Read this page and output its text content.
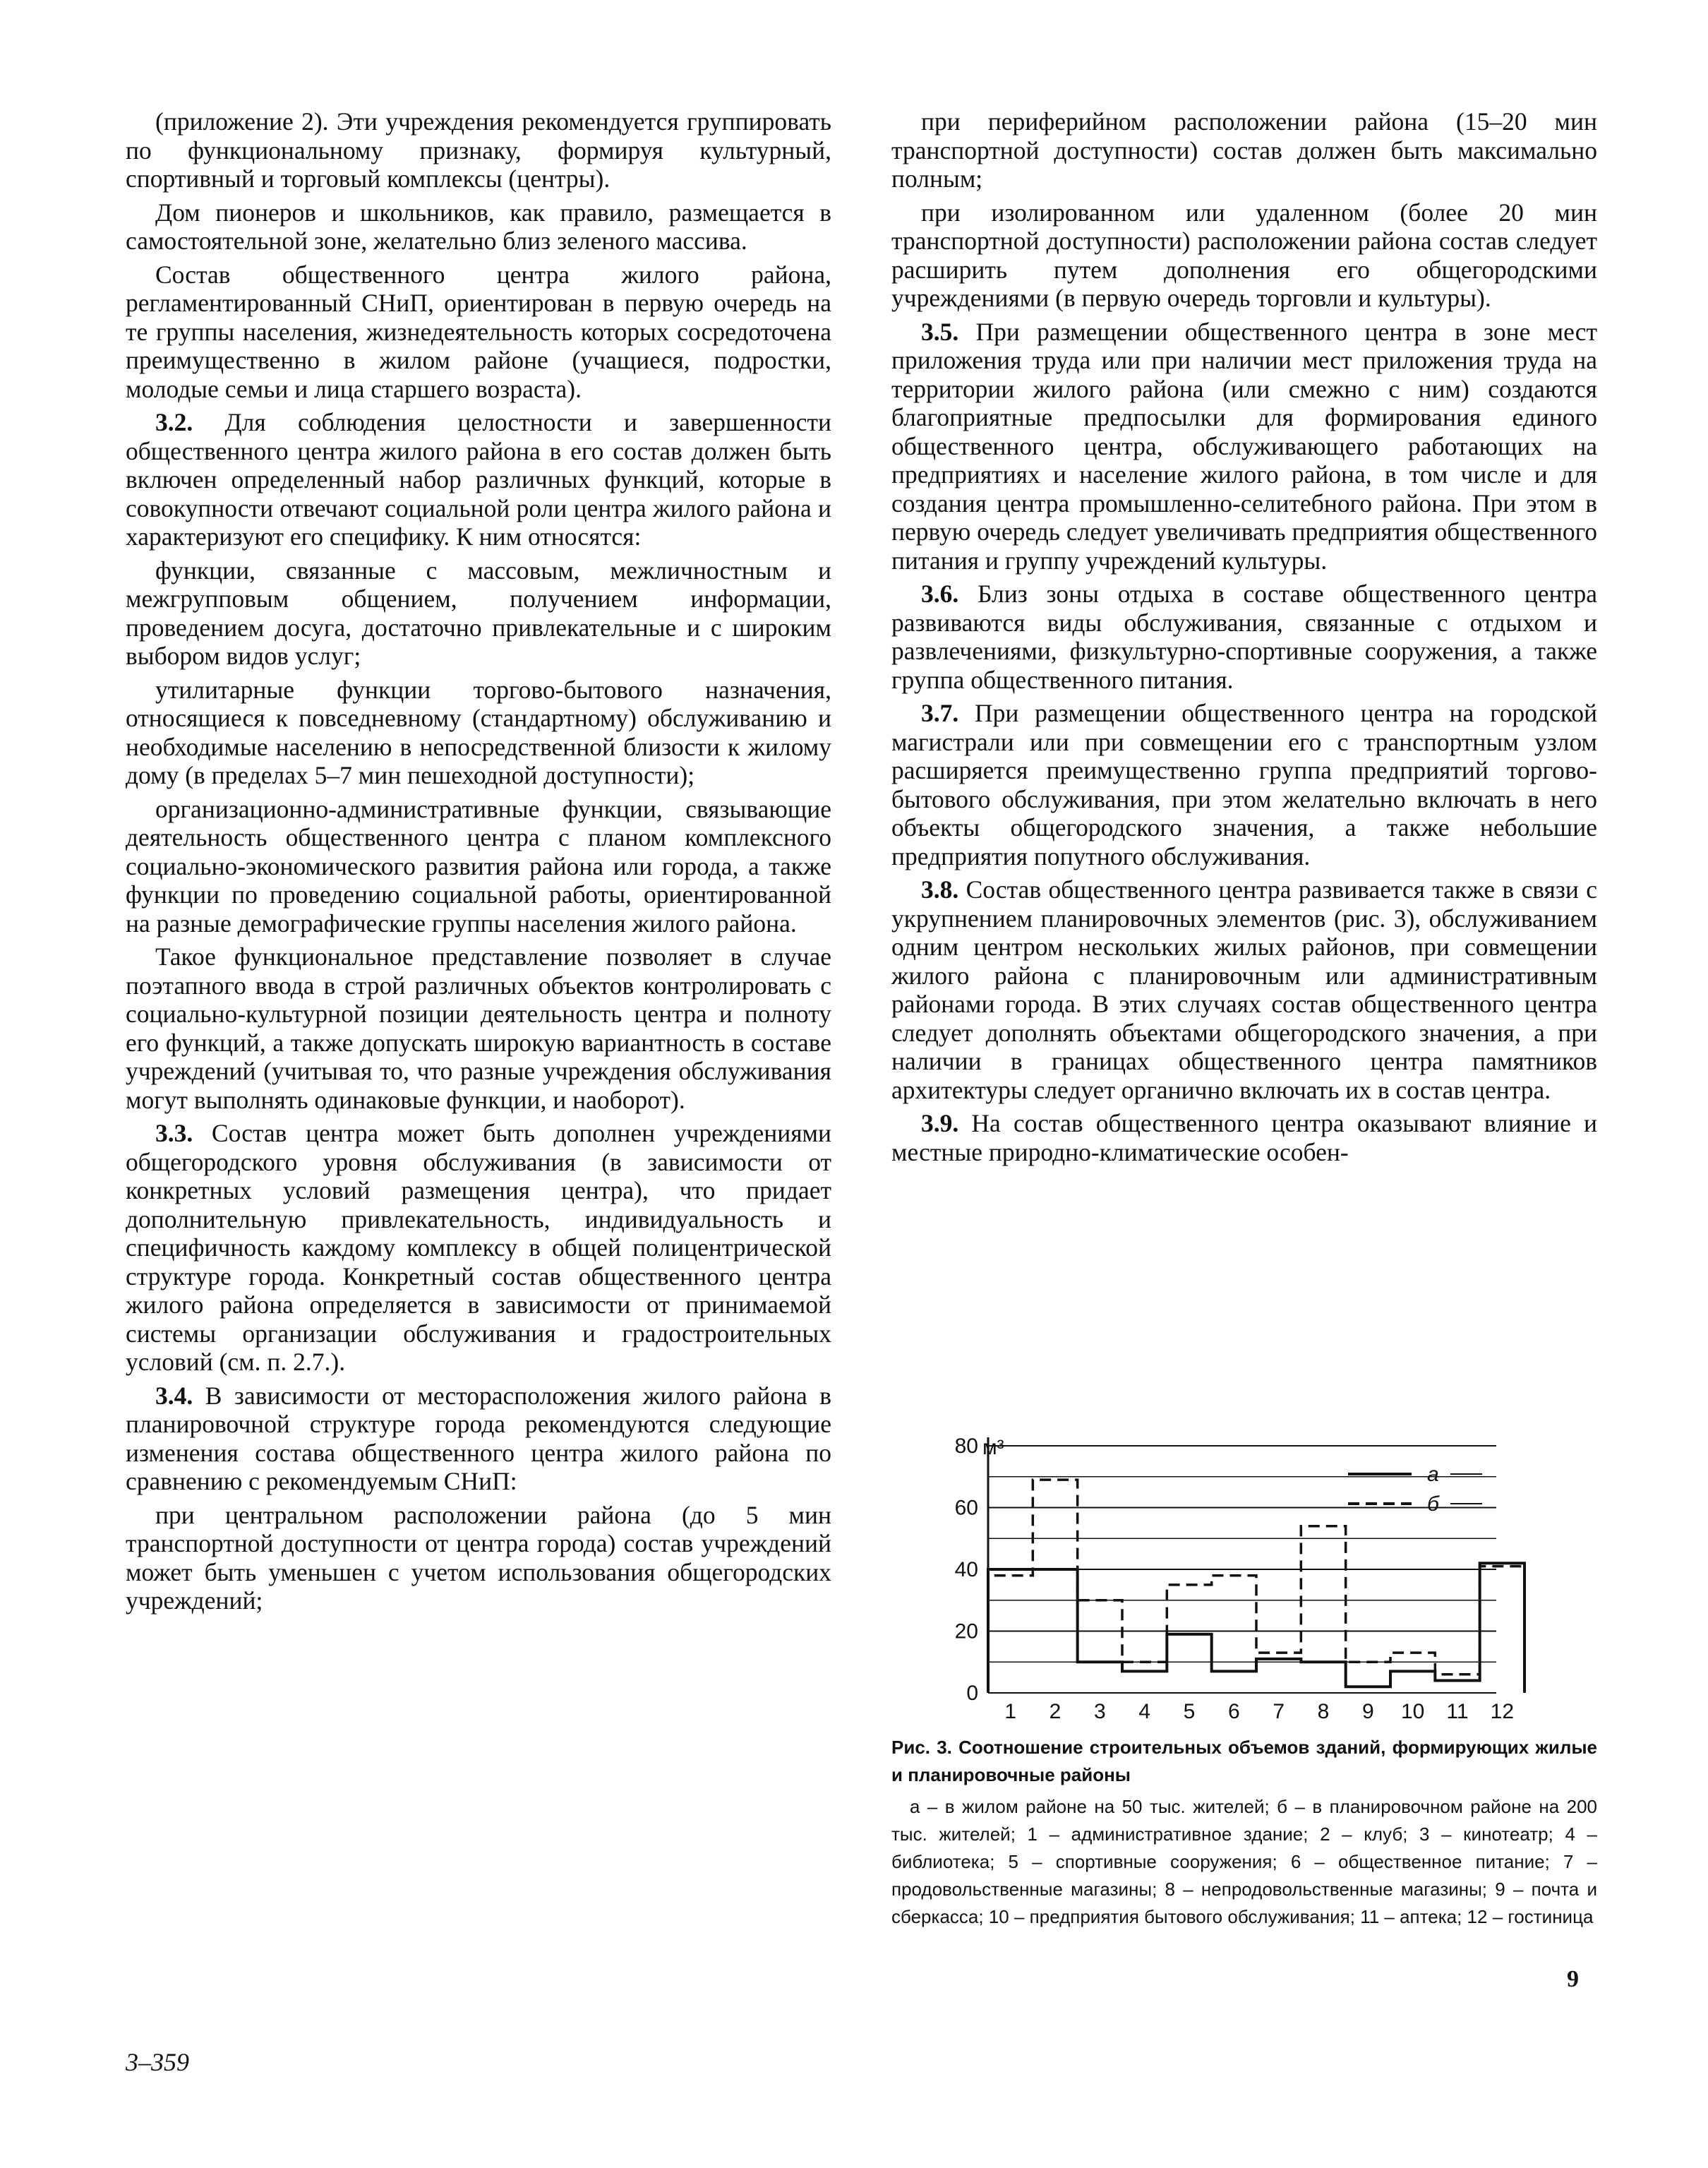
(приложение 2). Эти учреждения рекомендуется группировать по функциональному признаку, формируя культурный, спортивный и торговый комплексы (центры).

Дом пионеров и школьников, как правило, размещается в самостоятельной зоне, желательно близ зеленого массива.

Состав общественного центра жилого района, регламентированный СНиП, ориентирован в первую очередь на те группы населения, жизнедеятельность которых сосредоточена преимущественно в жилом районе (учащиеся, подростки, молодые семьи и лица старшего возраста).

3.2. Для соблюдения целостности и завершенности общественного центра жилого района в его состав должен быть включен определенный набор различных функций, которые в совокупности отвечают социальной роли центра жилого района и характеризуют его специфику. К ним относятся:

функции, связанные с массовым, межличностным и межгрупповым общением, получением информации, проведением досуга, достаточно привлекательные и с широким выбором видов услуг;

утилитарные функции торгово-бытового назначения, относящиеся к повседневному (стандартному) обслуживанию и необходимые населению в непосредственной близости к жилому дому (в пределах 5–7 мин пешеходной доступности);

организационно-административные функции, связывающие деятельность общественного центра с планом комплексного социально-экономического развития района или города, а также функции по проведению социальной работы, ориентированной на разные демографические группы населения жилого района.

Такое функциональное представление позволяет в случае поэтапного ввода в строй различных объектов контролировать с социально-культурной позиции деятельность центра и полноту его функций, а также допускать широкую вариантность в составе учреждений (учитывая то, что разные учреждения обслуживания могут выполнять одинаковые функции, и наоборот).

3.3. Состав центра может быть дополнен учреждениями общегородского уровня обслуживания (в зависимости от конкретных условий размещения центра), что придает дополнительную привлекательность, индивидуальность и специфичность каждому комплексу в общей полицентрической структуре города. Конкретный состав общественного центра жилого района определяется в зависимости от принимаемой системы организации обслуживания и градостроительных условий (см. п. 2.7.).

3.4. В зависимости от месторасположения жилого района в планировочной структуре города рекомендуются следующие изменения состава общественного центра жилого района по сравнению с рекомендуемым СНиП:

при центральном расположении района (до 5 мин транспортной доступности от центра города) состав учреждений может быть уменьшен с учетом использования общегородских учреждений;

при периферийном расположении района (15–20 мин транспортной доступности) состав должен быть максимально полным;

при изолированном или удаленном (более 20 мин транспортной доступности) расположении района состав следует расширить путем дополнения его общегородскими учреждениями (в первую очередь торговли и культуры).

3.5. При размещении общественного центра в зоне мест приложения труда или при наличии мест приложения труда на территории жилого района (или смежно с ним) создаются благоприятные предпосылки для формирования единого общественного центра, обслуживающего работающих на предприятиях и население жилого района, в том числе и для создания центра промышленно-селитебного района. При этом в первую очередь следует увеличивать предприятия общественного питания и группу учреждений культуры.

3.6. Близ зоны отдыха в составе общественного центра развиваются виды обслуживания, связанные с отдыхом и развлечениями, физкультурно-спортивные сооружения, а также группа общественного питания.

3.7. При размещении общественного центра на городской магистрали или при совмещении его с транспортным узлом расширяется преимущественно группа предприятий торгово-бытового обслуживания, при этом желательно включать в него объекты общегородского значения, а также небольшие предприятия попутного обслуживания.

3.8. Состав общественного центра развивается также в связи с укрупнением планировочных элементов (рис. 3), обслуживанием одним центром нескольких жилых районов, при совмещении жилого района с планировочным или административным районами города. В этих случаях состав общественного центра следует дополнять объектами общегородского значения, а при наличии в границах общественного центра памятников архитектуры следует органично включать их в состав центра.

3.9. На состав общественного центра оказывают влияние и местные природно-климатические особен-

0
20
40
60
80 м³
1 2 3 4 5 6 7 8 9 10 11 12
а
б

Рис. 3. Соотношение строительных объемов зданий, формирующих жилые и планировочные районы

а – в жилом районе на 50 тыс. жителей; б – в планировочном районе на 200 тыс. жителей; 1 – административное здание; 2 – клуб; 3 – кинотеатр; 4 – библиотека; 5 – спортивные сооружения; 6 – общественное питание; 7 – продовольственные магазины; 8 – непродовольственные магазины; 9 – почта и сберкасса; 10 – предприятия бытового обслуживания; 11 – аптека; 12 – гостиница

9
3–359
